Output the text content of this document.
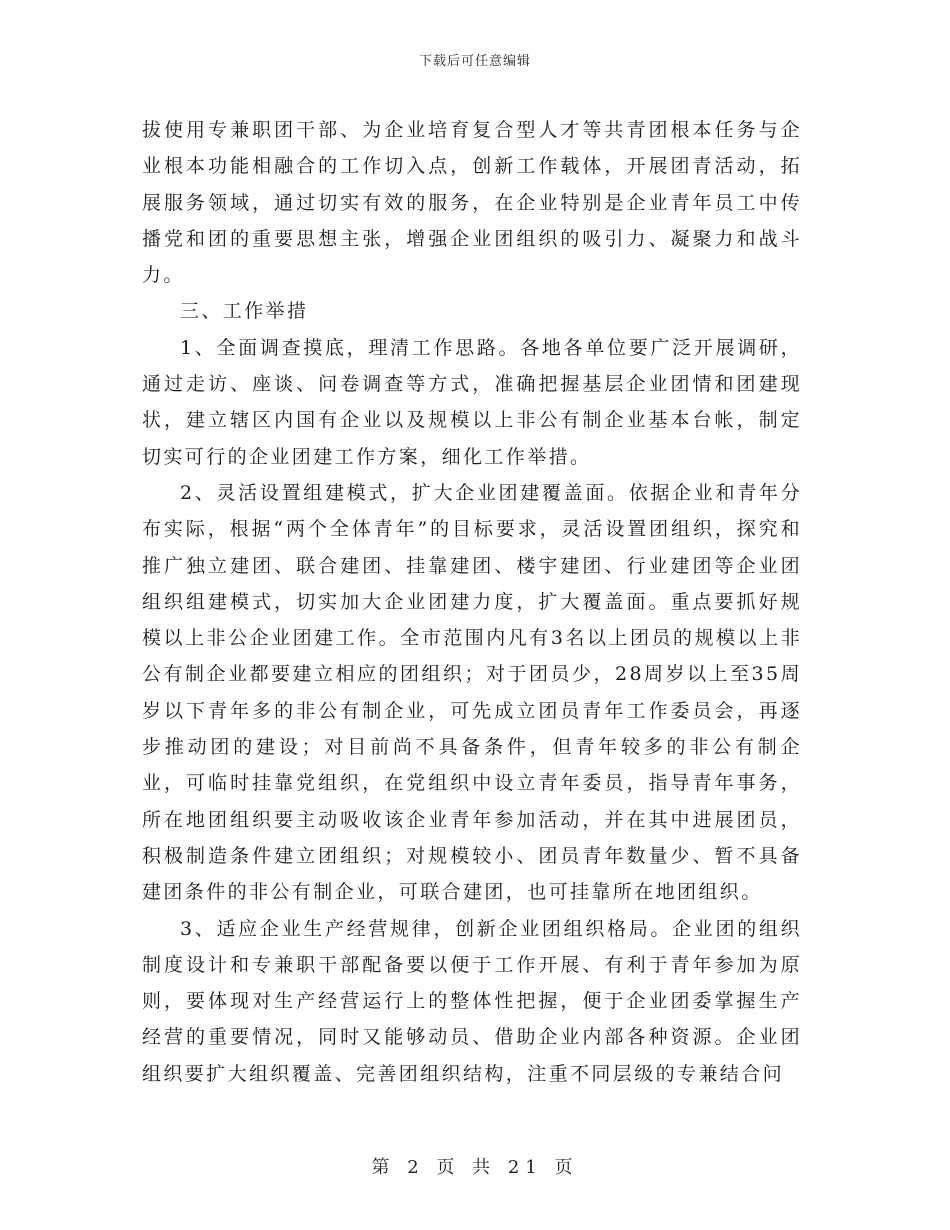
下载后可任意编辑

拔使用专兼职团干部、为企业培育复合型人才等共青团根本任务与企业根本功能相融合的工作切入点，创新工作载体，开展团青活动，拓展服务领域，通过切实有效的服务，在企业特别是企业青年员工中传播党和团的重要思想主张，增强企业团组织的吸引力、凝聚力和战斗力。

三、工作举措

1、全面调查摸底，理清工作思路。各地各单位要广泛开展调研，通过走访、座谈、问卷调查等方式，准确把握基层企业团情和团建现状，建立辖区内国有企业以及规模以上非公有制企业基本台帐，制定切实可行的企业团建工作方案，细化工作举措。

2、灵活设置组建模式，扩大企业团建覆盖面。依据企业和青年分布实际，根据“两个全体青年”的目标要求，灵活设置团组织，探究和推广独立建团、联合建团、挂靠建团、楼宇建团、行业建团等企业团组织组建模式，切实加大企业团建力度，扩大覆盖面。重点要抓好规模以上非公企业团建工作。全市范围内凡有3名以上团员的规模以上非公有制企业都要建立相应的团组织；对于团员少，28周岁以上至35周岁以下青年多的非公有制企业，可先成立团员青年工作委员会，再逐步推动团的建设；对目前尚不具备条件，但青年较多的非公有制企业，可临时挂靠党组织，在党组织中设立青年委员，指导青年事务，所在地团组织要主动吸收该企业青年参加活动，并在其中进展团员，积极制造条件建立团组织；对规模较小、团员青年数量少、暂不具备建团条件的非公有制企业，可联合建团，也可挂靠所在地团组织。

3、适应企业生产经营规律，创新企业团组织格局。企业团的组织制度设计和专兼职干部配备要以便于工作开展、有利于青年参加为原则，要体现对生产经营运行上的整体性把握，便于企业团委掌握生产经营的重要情况，同时又能够动员、借助企业内部各种资源。企业团组织要扩大组织覆盖、完善团组织结构，注重不同层级的专兼结合问

第 2 页 共 21 页
